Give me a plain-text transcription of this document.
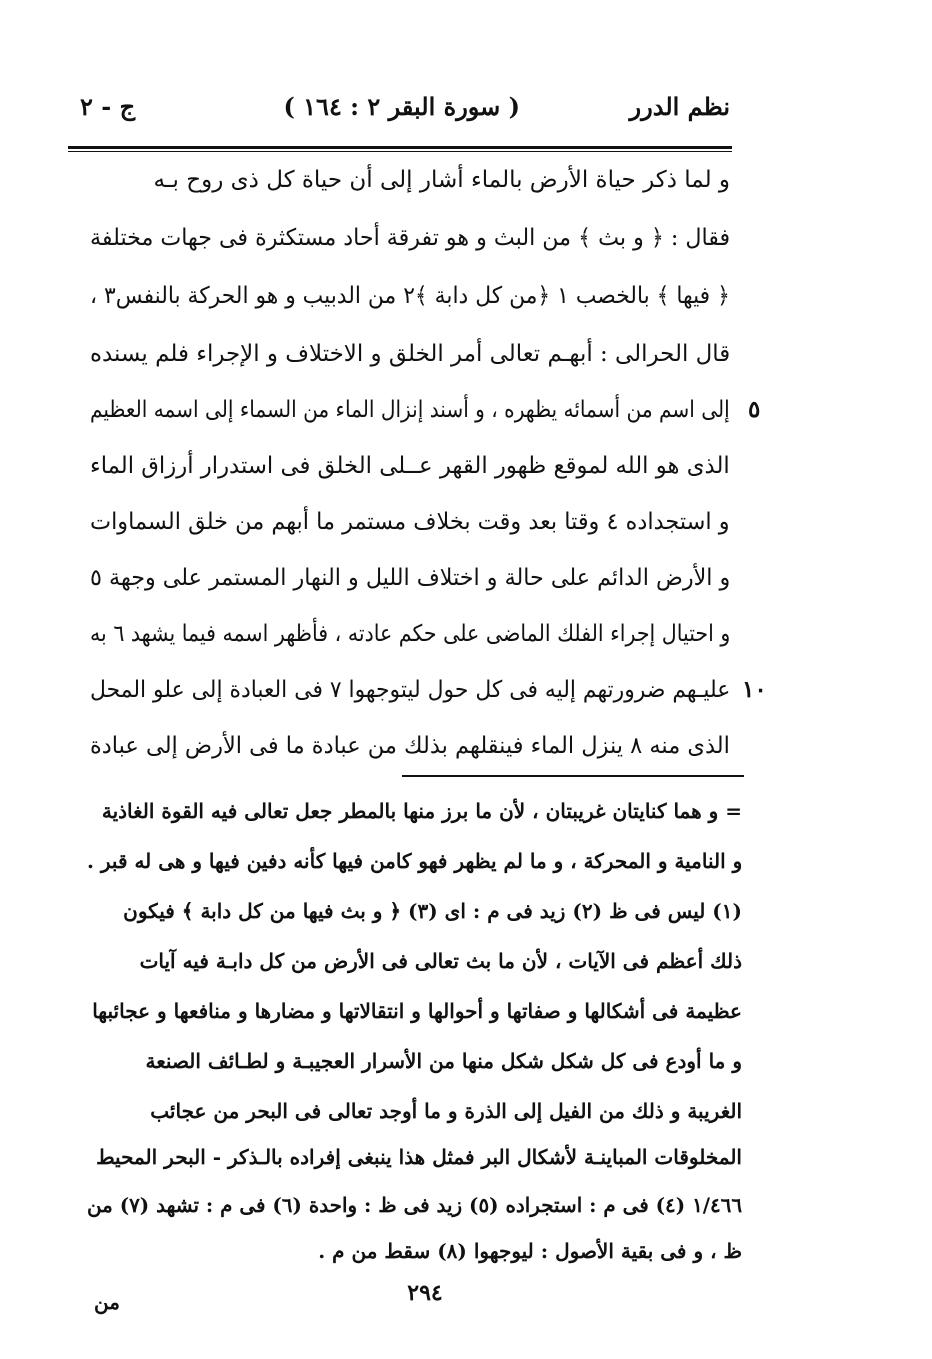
نظم الدرر
( سورة البقر ٢ : ١٦٤ )
ج - ٢
و لما ذكر حياة الأرض بالماء أشار إلى أن حياة كل ذى روح بـه
فقال : ﴿ و بث ﴾ من البث و هو تفرقة أحاد مستكثرة فى جهات مختلفة
﴿ فيها ﴾ بالخصب ١ ﴿من كل دابة ﴾٢ من الدبيب و هو الحركة بالنفس٣ ،
قال الحرالى : أبهـم تعالى أمر الخلق و الاختلاف و الإجراء فلم يسنده
إلى اسم من أسمائه يظهره ، و أسند إنزال الماء من السماء إلى اسمه العظيم
الذى هو الله لموقع ظهور القهر عــلى الخلق فى استدرار أرزاق الماء
و استجداده ٤ وقتا بعد وقت بخلاف مستمر ما أبهم من خلق السماوات
و الأرض الدائم على حالة و اختلاف الليل و النهار المستمر على وجهة ٥
و احتيال إجراء الفلك الماضى على حكم عادته ، فأظهر اسمه فيما يشهد ٦ به
عليـهم ضرورتهم إليه فى كل حول ليتوجهوا ٧ فى العبادة إلى علو المحل
الذى منه ٨ ينزل الماء فينقلهم بذلك من عبادة ما فى الأرض إلى عبادة
٥
١٠
= و هما كنايتان غريبتان ، لأن ما برز منها بالمطر جعل تعالى فيه القوة الغاذية
و النامية و المحركة ، و ما لم يظهر فهو كامن فيها كأنه دفين فيها و هى له قبر .
(١) ليس فى ظ (٢) زيد فى م : اى (٣) ﴿ و بث فيها من كل دابة ﴾ فيكون
ذلك أعظم فى الآيات ، لأن ما بث تعالى فى الأرض من كل دابـة فيه آيات
عظيمة فى أشكالها و صفاتها و أحوالها و انتقالاتها و مضارها و منافعها و عجائبها
و ما أودع فى كل شكل شكل منها من الأسرار العجيبـة و لطـائف الصنعة
الغريبة و ذلك من الفيل إلى الذرة و ما أوجد تعالى فى البحر من عجائب
المخلوقات المباينـة لأشكال البر فمثل هذا ينبغى إفراده بالـذكر - البحر المحيط
١/٤٦٦ (٤) فى م : استجراده (٥) زيد فى ظ : واحدة (٦) فى م : تشهد (٧) من
ظ ، و فى بقية الأصول : ليوجهوا (٨) سقط من م .
٢٩٤
من
